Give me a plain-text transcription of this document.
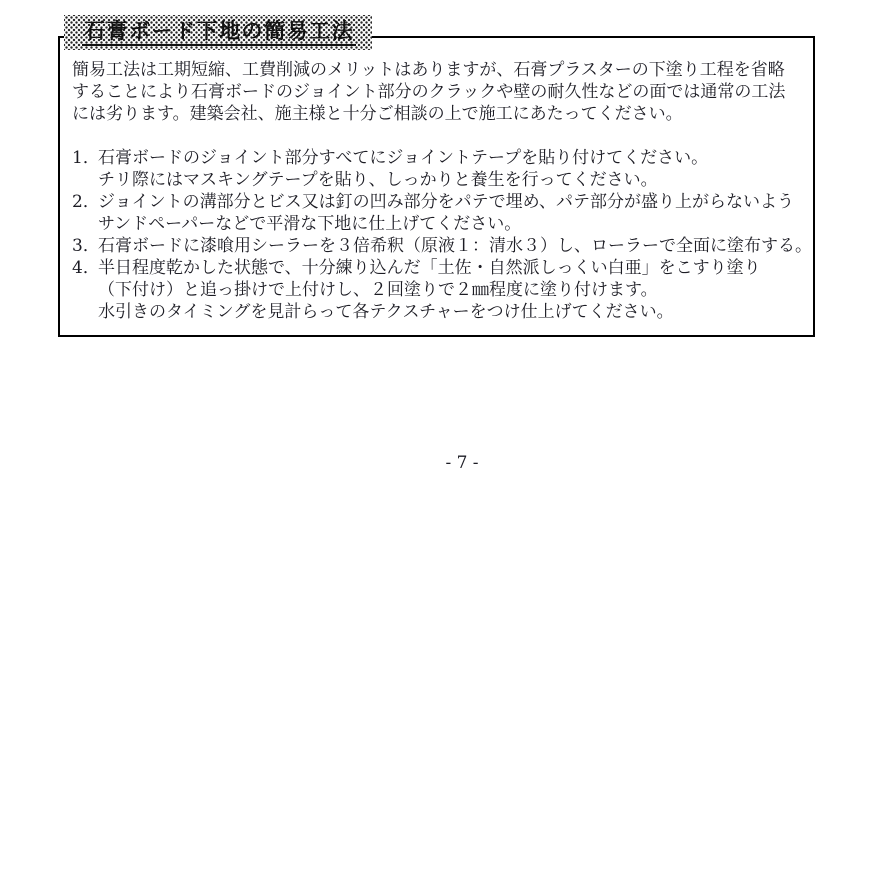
石膏ボード下地の簡易工法
簡易工法は工期短縮、工費削減のメリットはありますが、石膏プラスターの下塗り工程を省略
することにより石膏ボードのジョイント部分のクラックや壁の耐久性などの面では通常の工法
には劣ります。建築会社、施主様と十分ご相談の上で施工にあたってください。
1．石膏ボードのジョイント部分すべてにジョイントテープを貼り付けてください。
チリ際にはマスキングテープを貼り、しっかりと養生を行ってください。
2．ジョイントの溝部分とビス又は釘の凹み部分をパテで埋め、パテ部分が盛り上がらないよう
サンドペーパーなどで平滑な下地に仕上げてください。
3．石膏ボードに漆喰用シーラーを３倍希釈（原液１：清水３）し、ローラーで全面に塗布する。
4．半日程度乾かした状態で、十分練り込んだ「土佐・自然派しっくい白亜」をこすり塗り
（下付け）と追っ掛けで上付けし、２回塗りで２㎜程度に塗り付けます。
水引きのタイミングを見計らって各テクスチャーをつけ仕上げてください。
- 7 -
